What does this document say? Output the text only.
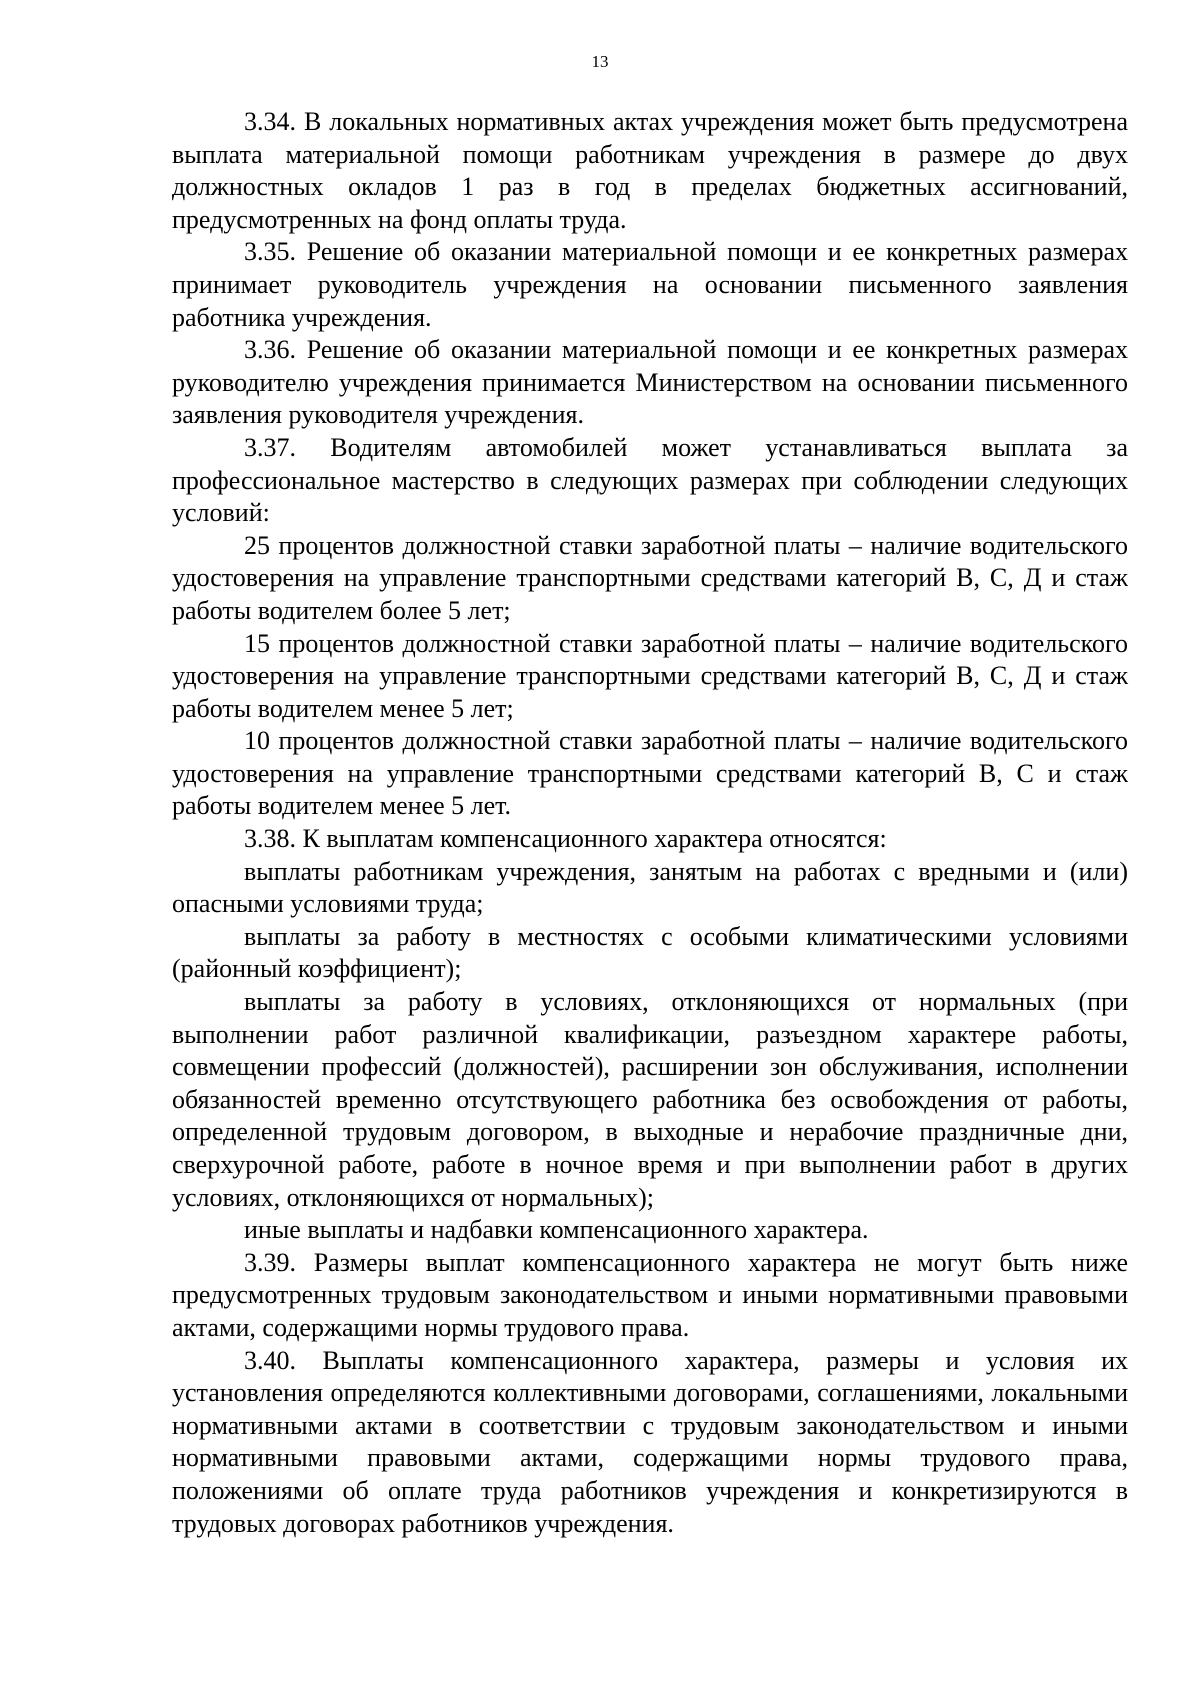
13

3.34. В локальных нормативных актах учреждения может быть предусмотрена выплата материальной помощи работникам учреждения в размере до двух должностных окладов 1 раз в год в пределах бюджетных ассигнований, предусмотренных на фонд оплаты труда.

3.35. Решение об оказании материальной помощи и ее конкретных размерах принимает руководитель учреждения на основании письменного заявления работника учреждения.

3.36. Решение об оказании материальной помощи и ее конкретных размерах руководителю учреждения принимается Министерством на основании письменного заявления руководителя учреждения.

3.37. Водителям автомобилей может устанавливаться выплата за профессиональное мастерство в следующих размерах при соблюдении следующих условий:

25 процентов должностной ставки заработной платы – наличие водительского удостоверения на управление транспортными средствами категорий В, С, Д и стаж работы водителем более 5 лет;

15 процентов должностной ставки заработной платы – наличие водительского удостоверения на управление транспортными средствами категорий В, С, Д и стаж работы водителем менее 5 лет;

10 процентов должностной ставки заработной платы – наличие водительского удостоверения на управление транспортными средствами категорий В, С и стаж работы водителем менее 5 лет.

3.38. К выплатам компенсационного характера относятся:

выплаты работникам учреждения, занятым на работах с вредными и (или) опасными условиями труда;

выплаты за работу в местностях с особыми климатическими условиями (районный коэффициент);

выплаты за работу в условиях, отклоняющихся от нормальных (при выполнении работ различной квалификации, разъездном характере работы, совмещении профессий (должностей), расширении зон обслуживания, исполнении обязанностей временно отсутствующего работника без освобождения от работы, определенной трудовым договором, в выходные и нерабочие праздничные дни, сверхурочной работе, работе в ночное время и при выполнении работ в других условиях, отклоняющихся от нормальных);

иные выплаты и надбавки компенсационного характера.

3.39. Размеры выплат компенсационного характера не могут быть ниже предусмотренных трудовым законодательством и иными нормативными правовыми актами, содержащими нормы трудового права.

3.40. Выплаты компенсационного характера, размеры и условия их установления определяются коллективными договорами, соглашениями, локальными нормативными актами в соответствии с трудовым законодательством и иными нормативными правовыми актами, содержащими нормы трудового права, положениями об оплате труда работников учреждения и конкретизируются в трудовых договорах работников учреждения.
